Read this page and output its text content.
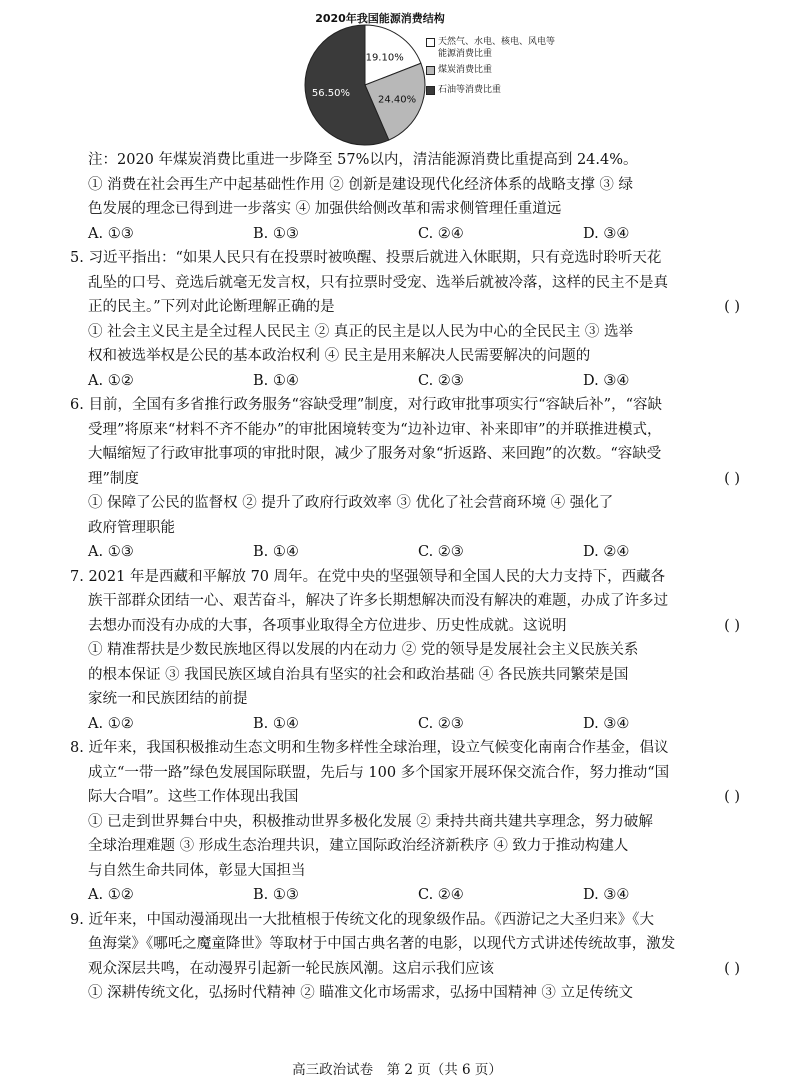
2020年我国能源消费结构
19.10%
24.40%
56.50%
天然气、水电、核电、风电等能源消费比重
煤炭消费比重
石油等消费比重
注：2020 年煤炭消费比重进一步降至 57%以内，清洁能源消费比重提高到 24.4%。
① 消费在社会再生产中起基础性作用 ② 创新是建设现代化经济体系的战略支撑 ③ 绿
色发展的理念已得到进一步落实 ④ 加强供给侧改革和需求侧管理任重道远
A. ①③	B. ①③	C. ②④	D. ③④
5. 习近平指出：“如果人民只有在投票时被唤醒、投票后就进入休眠期，只有竞选时聆听天花
乱坠的口号、竞选后就毫无发言权，只有拉票时受宠、选举后就被冷落，这样的民主不是真
正的民主。”下列对此论断理解正确的是	( )
① 社会主义民主是全过程人民民主 ② 真正的民主是以人民为中心的全民民主 ③ 选举
权和被选举权是公民的基本政治权利 ④ 民主是用来解决人民需要解决的问题的
A. ①②	B. ①④	C. ②③	D. ③④
6. 目前，全国有多省推行政务服务“容缺受理”制度，对行政审批事项实行“容缺后补”，“容缺
受理”将原来“材料不齐不能办”的审批困境转变为“边补边审、补来即审”的并联推进模式，
大幅缩短了行政审批事项的审批时限，减少了服务对象“折返路、来回跑”的次数。“容缺受
理”制度	( )
① 保障了公民的监督权 ② 提升了政府行政效率 ③ 优化了社会营商环境 ④ 强化了
政府管理职能
A. ①③	B. ①④	C. ②③	D. ②④
7. 2021 年是西藏和平解放 70 周年。在党中央的坚强领导和全国人民的大力支持下，西藏各
族干部群众团结一心、艰苦奋斗，解决了许多长期想解决而没有解决的难题，办成了许多过
去想办而没有办成的大事，各项事业取得全方位进步、历史性成就。这说明	( )
① 精准帮扶是少数民族地区得以发展的内在动力 ② 党的领导是发展社会主义民族关系
的根本保证 ③ 我国民族区域自治具有坚实的社会和政治基础 ④ 各民族共同繁荣是国
家统一和民族团结的前提
A. ①②	B. ①④	C. ②③	D. ③④
8. 近年来，我国积极推动生态文明和生物多样性全球治理，设立气候变化南南合作基金，倡议
成立“一带一路”绿色发展国际联盟，先后与 100 多个国家开展环保交流合作，努力推动“国
际大合唱”。这些工作体现出我国	( )
① 已走到世界舞台中央，积极推动世界多极化发展 ② 秉持共商共建共享理念，努力破解
全球治理难题 ③ 形成生态治理共识，建立国际政治经济新秩序 ④ 致力于推动构建人
与自然生命共同体，彰显大国担当
A. ①②	B. ①③	C. ②④	D. ③④
9. 近年来，中国动漫涌现出一大批植根于传统文化的现象级作品。《西游记之大圣归来》《大
鱼海棠》《哪吒之魔童降世》等取材于中国古典名著的电影，以现代方式讲述传统故事，激发
观众深层共鸣，在动漫界引起新一轮民族风潮。这启示我们应该	( )
① 深耕传统文化，弘扬时代精神 ② 瞄准文化市场需求，弘扬中国精神 ③ 立足传统文
高三政治试卷　第 2 页（共 6 页）
